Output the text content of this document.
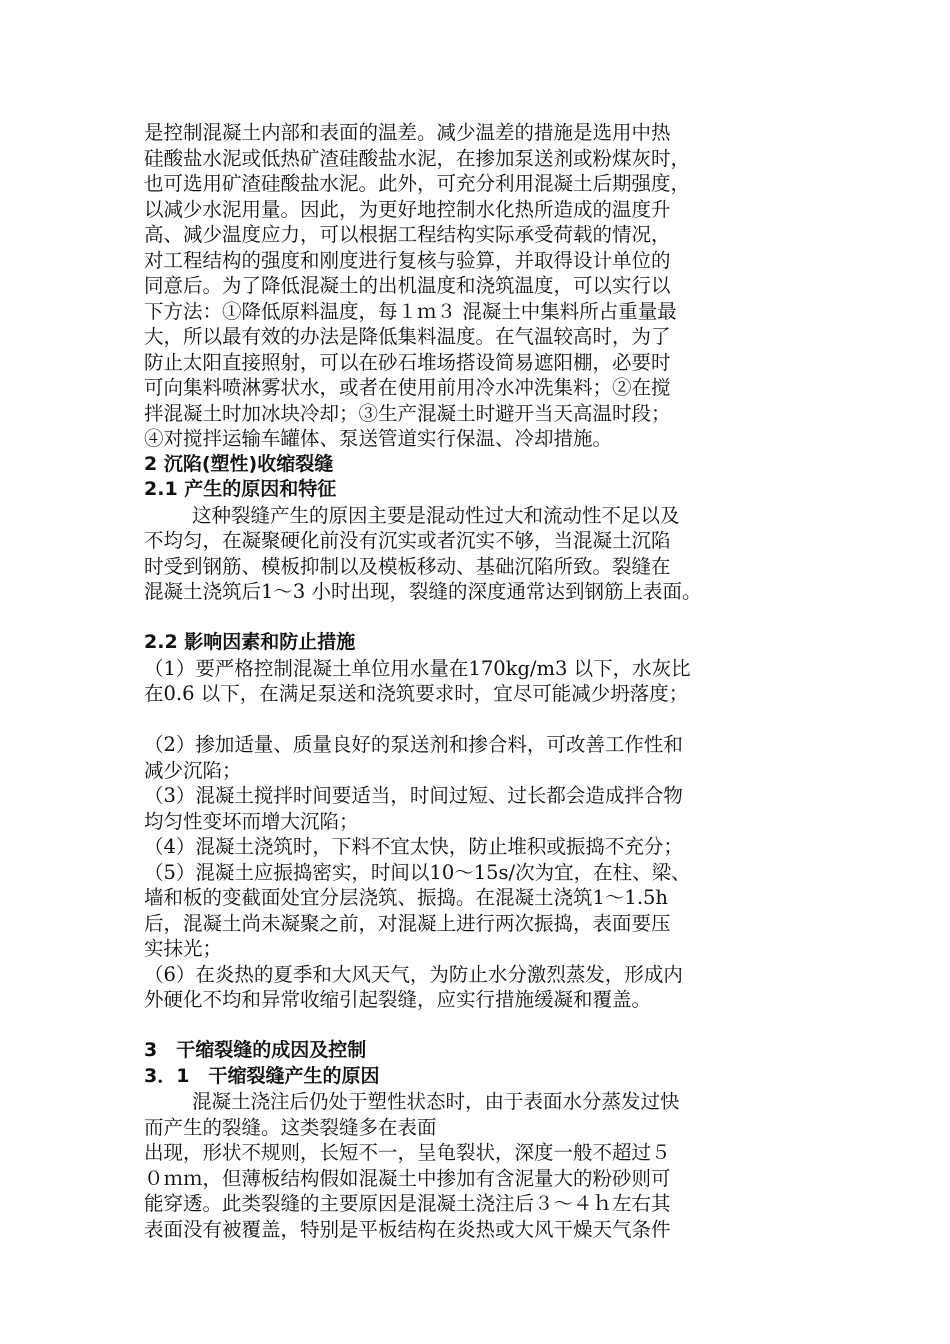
是控制混凝土内部和表面的温差。减少温差的措施是选用中热
硅酸盐水泥或低热矿渣硅酸盐水泥，在掺加泵送剂或粉煤灰时，
也可选用矿渣硅酸盐水泥。此外，可充分利用混凝土后期强度，
以减少水泥用量。因此，为更好地控制水化热所造成的温度升
高、减少温度应力，可以根据工程结构实际承受荷载的情况，
对工程结构的强度和刚度进行复核与验算，并取得设计单位的
同意后。为了降低混凝土的出机温度和浇筑温度，可以实行以
下方法：①降低原料温度，每１ｍ３ 混凝土中集料所占重量最
大，所以最有效的办法是降低集料温度。在气温较高时，为了
防止太阳直接照射，可以在砂石堆场搭设简易遮阳棚，必要时
可向集料喷淋雾状水，或者在使用前用冷水冲洗集料；②在搅
拌混凝土时加冰块冷却；③生产混凝土时避开当天高温时段；
④对搅拌运输车罐体、泵送管道实行保温、冷却措施。
2 沉陷(塑性)收缩裂缝
2.1 产生的原因和特征
这种裂缝产生的原因主要是混动性过大和流动性不足以及
不均匀，在凝聚硬化前没有沉实或者沉实不够，当混凝土沉陷
时受到钢筋、模板抑制以及模板移动、基础沉陷所致。裂缝在
混凝土浇筑后1～3 小时出现，裂缝的深度通常达到钢筋上表面。
2.2 影响因素和防止措施
（1）要严格控制混凝土单位用水量在170kg/m3 以下，水灰比
在0.6 以下，在满足泵送和浇筑要求时，宜尽可能减少坍落度；
（2）掺加适量、质量良好的泵送剂和掺合料，可改善工作性和
减少沉陷；
（3）混凝土搅拌时间要适当，时间过短、过长都会造成拌合物
均匀性变坏而增大沉陷；
（4）混凝土浇筑时，下料不宜太快，防止堆积或振捣不充分；
（5）混凝土应振捣密实，时间以10～15s/次为宜，在柱、梁、
墙和板的变截面处宜分层浇筑、振捣。在混凝土浇筑1～1.5h
后，混凝土尚未凝聚之前，对混凝上进行两次振捣，表面要压
实抹光；
（6）在炎热的夏季和大风天气，为防止水分激烈蒸发，形成内
外硬化不均和异常收缩引起裂缝，应实行措施缓凝和覆盖。
3　干缩裂缝的成因及控制
3．1　干缩裂缝产生的原因
混凝土浇注后仍处于塑性状态时，由于表面水分蒸发过快
而产生的裂缝。这类裂缝多在表面
出现，形状不规则，长短不一，呈龟裂状，深度一般不超过５
０ｍｍ，但薄板结构假如混凝土中掺加有含泥量大的粉砂则可
能穿透。此类裂缝的主要原因是混凝土浇注后３～４ｈ左右其
表面没有被覆盖，特别是平板结构在炎热或大风干燥天气条件
